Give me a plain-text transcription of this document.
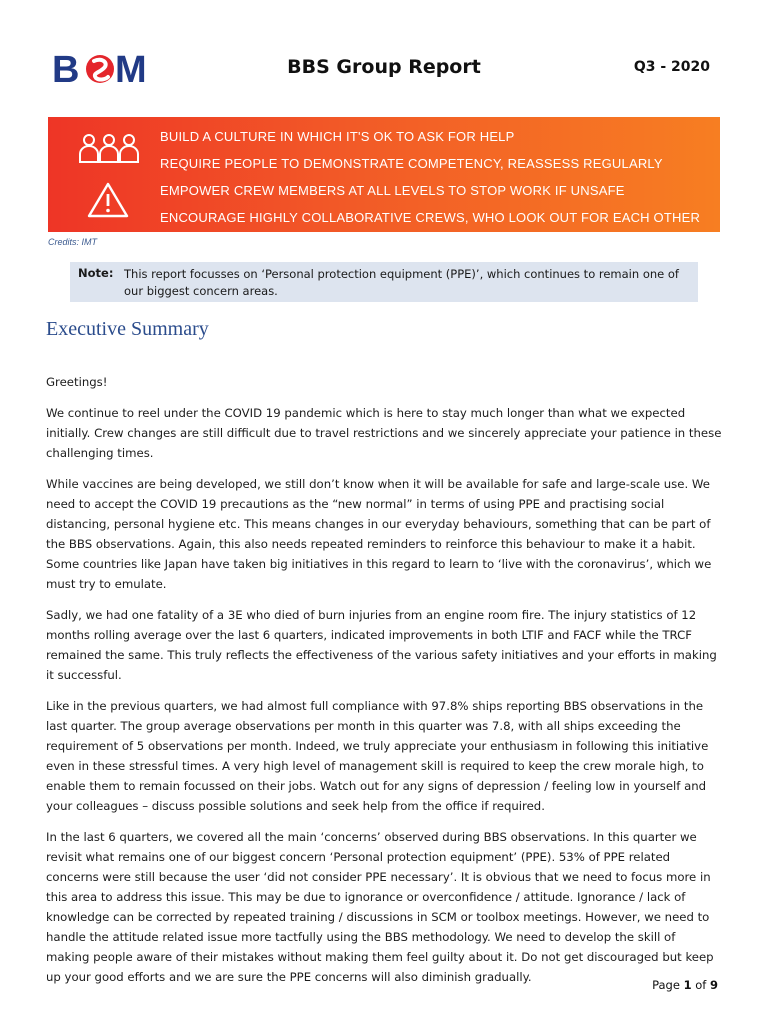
B M	BBS Group Report	Q3 - 2020
BUILD A CULTURE IN WHICH IT'S OK TO ASK FOR HELP
REQUIRE PEOPLE TO DEMONSTRATE COMPETENCY, REASSESS REGULARLY
EMPOWER CREW MEMBERS AT ALL LEVELS TO STOP WORK IF UNSAFE
ENCOURAGE HIGHLY COLLABORATIVE CREWS, WHO LOOK OUT FOR EACH OTHER
Credits: IMT
Note: This report focusses on ‘Personal protection equipment (PPE)’, which continues to remain one of our biggest concern areas.
Executive Summary

Greetings!

We continue to reel under the COVID 19 pandemic which is here to stay much longer than what we expected initially. Crew changes are still difficult due to travel restrictions and we sincerely appreciate your patience in these challenging times.

While vaccines are being developed, we still don’t know when it will be available for safe and large-scale use. We need to accept the COVID 19 precautions as the “new normal” in terms of using PPE and practising social distancing, personal hygiene etc. This means changes in our everyday behaviours, something that can be part of the BBS observations. Again, this also needs repeated reminders to reinforce this behaviour to make it a habit. Some countries like Japan have taken big initiatives in this regard to learn to ‘live with the coronavirus’, which we must try to emulate.

Sadly, we had one fatality of a 3E who died of burn injuries from an engine room fire. The injury statistics of 12 months rolling average over the last 6 quarters, indicated improvements in both LTIF and FACF while the TRCF remained the same. This truly reflects the effectiveness of the various safety initiatives and your efforts in making it successful.

Like in the previous quarters, we had almost full compliance with 97.8% ships reporting BBS observations in the last quarter. The group average observations per month in this quarter was 7.8, with all ships exceeding the requirement of 5 observations per month. Indeed, we truly appreciate your enthusiasm in following this initiative even in these stressful times. A very high level of management skill is required to keep the crew morale high, to enable them to remain focussed on their jobs. Watch out for any signs of depression / feeling low in yourself and your colleagues – discuss possible solutions and seek help from the office if required.

In the last 6 quarters, we covered all the main ‘concerns’ observed during BBS observations. In this quarter we revisit what remains one of our biggest concern ‘Personal protection equipment’ (PPE). 53% of PPE related concerns were still because the user ‘did not consider PPE necessary’. It is obvious that we need to focus more in this area to address this issue. This may be due to ignorance or overconfidence / attitude. Ignorance / lack of knowledge can be corrected by repeated training / discussions in SCM or toolbox meetings. However, we need to handle the attitude related issue more tactfully using the BBS methodology. We need to develop the skill of making people aware of their mistakes without making them feel guilty about it. Do not get discouraged but keep up your good efforts and we are sure the PPE concerns will also diminish gradually.

Page 1 of 9
